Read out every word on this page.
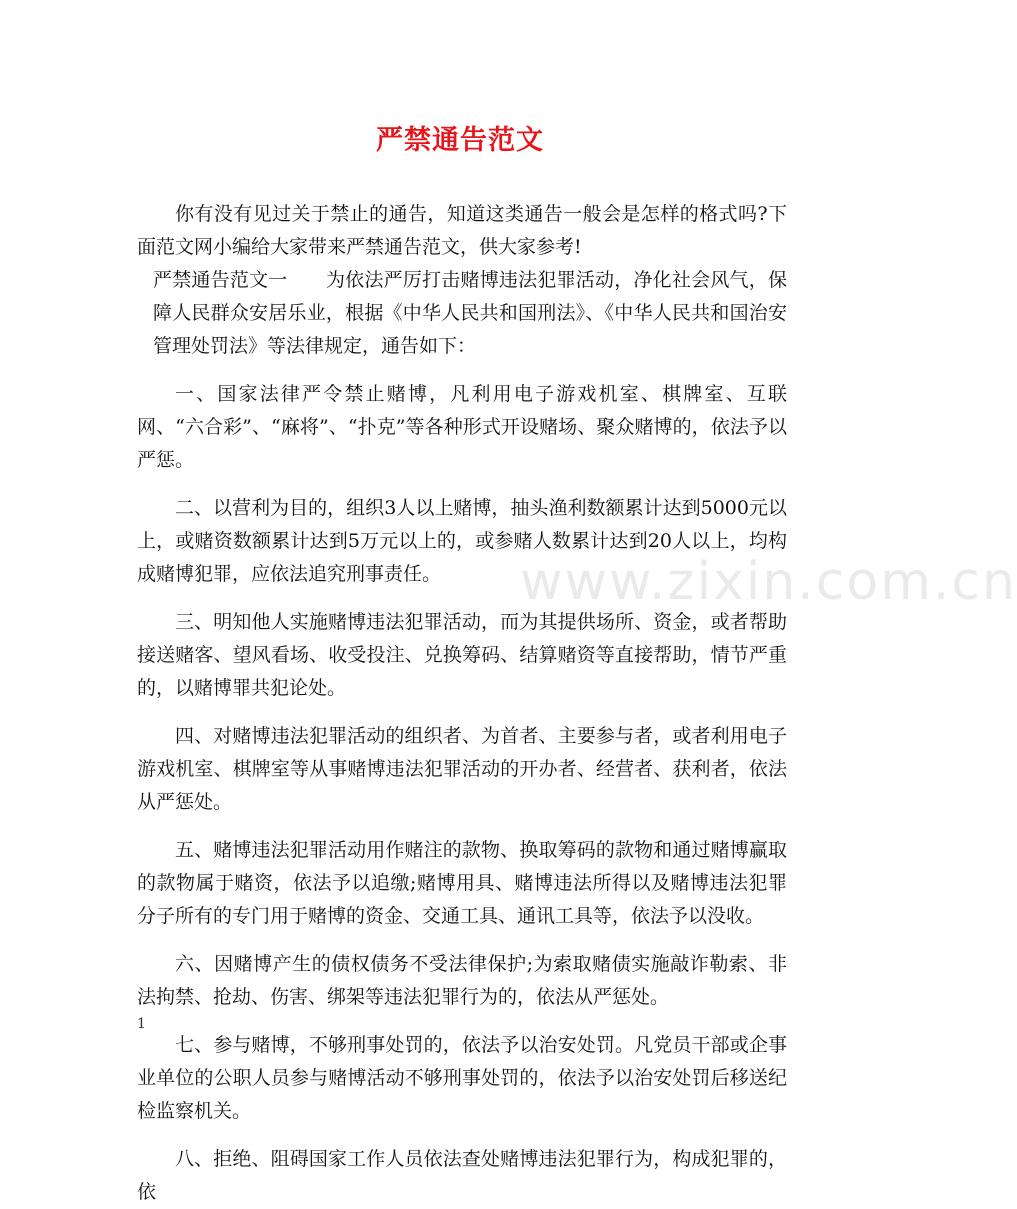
严禁通告范文

你有没有见过关于禁止的通告，知道这类通告一般会是怎样的格式吗?下面范文网小编给大家带来严禁通告范文，供大家参考!

严禁通告范文一　　为依法严厉打击赌博违法犯罪活动，净化社会风气，保障人民群众安居乐业，根据《中华人民共和国刑法》、《中华人民共和国治安管理处罚法》等法律规定，通告如下：

一、国家法律严令禁止赌博，凡利用电子游戏机室、棋牌室、互联网、“六合彩”、“麻将”、“扑克”等各种形式开设赌场、聚众赌博的，依法予以严惩。

二、以营利为目的，组织3人以上赌博，抽头渔利数额累计达到5000元以上，或赌资数额累计达到5万元以上的，或参赌人数累计达到20人以上，均构成赌博犯罪，应依法追究刑事责任。

三、明知他人实施赌博违法犯罪活动，而为其提供场所、资金，或者帮助接送赌客、望风看场、收受投注、兑换筹码、结算赌资等直接帮助，情节严重的，以赌博罪共犯论处。

四、对赌博违法犯罪活动的组织者、为首者、主要参与者，或者利用电子游戏机室、棋牌室等从事赌博违法犯罪活动的开办者、经营者、获利者，依法从严惩处。

五、赌博违法犯罪活动用作赌注的款物、换取筹码的款物和通过赌博赢取的款物属于赌资，依法予以追缴;赌博用具、赌博违法所得以及赌博违法犯罪分子所有的专门用于赌博的资金、交通工具、通讯工具等，依法予以没收。

六、因赌博产生的债权债务不受法律保护;为索取赌债实施敲诈勒索、非法拘禁、抢劫、伤害、绑架等违法犯罪行为的，依法从严惩处。

七、参与赌博，不够刑事处罚的，依法予以治安处罚。凡党员干部或企事业单位的公职人员参与赌博活动不够刑事处罚的，依法予以治安处罚后移送纪检监察机关。

八、拒绝、阻碍国家工作人员依法查处赌博违法犯罪行为，构成犯罪的，依

www.zixin.com.cn
1
